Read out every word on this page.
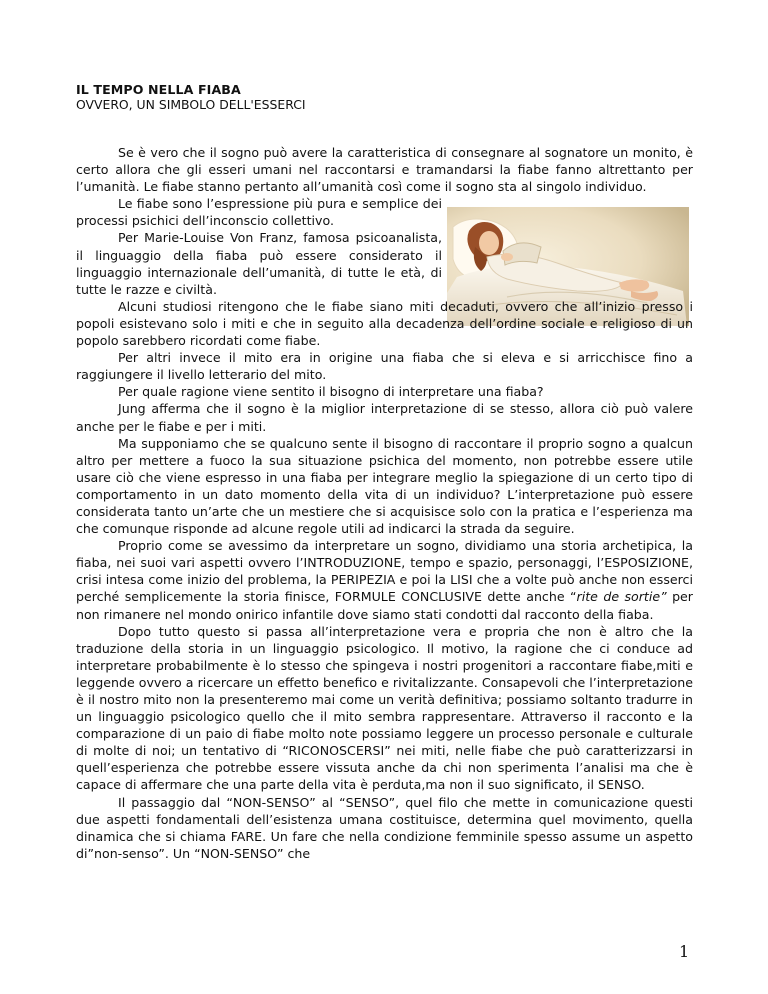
IL TEMPO NELLA FIABA
OVVERO, UN SIMBOLO DELL'ESSERCI

Se è vero che il sogno può avere la caratteristica di consegnare al sognatore un monito, è certo allora che gli esseri umani nel raccontarsi e tramandarsi la fiabe fanno altrettanto per l’umanità. Le fiabe stanno pertanto all’umanità così come il sogno sta al singolo individuo.

Le fiabe sono l’espressione più pura e semplice dei processi psichici dell’inconscio collettivo.

Per Marie-Louise Von Franz, famosa psicoanalista, il linguaggio della fiaba può essere considerato il linguaggio internazionale dell’umanità, di tutte le età, di tutte le razze e civiltà.

Alcuni studiosi ritengono che le fiabe siano miti decaduti, ovvero che all’inizio presso i popoli esistevano solo i miti e che in seguito alla decadenza dell’ordine sociale e religioso di un popolo sarebbero ricordati come fiabe.

Per altri invece il mito era in origine una fiaba che si eleva e si arricchisce fino a raggiungere il livello letterario del mito.

Per quale ragione viene sentito il bisogno di interpretare una fiaba?

Jung afferma che il sogno è la miglior interpretazione di se stesso, allora ciò può valere anche per le fiabe e per i miti.

Ma supponiamo che se qualcuno sente il bisogno di raccontare il proprio sogno a qualcun altro per mettere a fuoco la sua situazione psichica del momento, non potrebbe essere utile usare ciò che viene espresso in una fiaba per integrare meglio la spiegazione di un certo tipo di comportamento in un dato momento della vita di un individuo? L’interpretazione può essere considerata tanto un’arte che un mestiere che si acquisisce solo con la pratica e l’esperienza ma che comunque risponde ad alcune regole utili ad indicarci la strada da seguire.

Proprio come se avessimo da interpretare un sogno, dividiamo una storia archetipica, la fiaba, nei suoi vari aspetti ovvero l’INTRODUZIONE, tempo e spazio, personaggi, l’ESPOSIZIONE, crisi intesa come inizio del problema, la PERIPEZIA e poi la LISI che a volte può anche non esserci perché semplicemente la storia finisce, FORMULE CONCLUSIVE dette anche “rite de sortie” per non rimanere nel mondo onirico infantile dove siamo stati condotti dal racconto della fiaba.

Dopo tutto questo si passa all’interpretazione vera e propria che non è altro che la traduzione della storia in un linguaggio psicologico. Il motivo, la ragione che ci conduce ad interpretare probabilmente è lo stesso che spingeva i nostri progenitori a raccontare fiabe,miti e leggende ovvero a ricercare un effetto benefico e rivitalizzante. Consapevoli che l’interpretazione è il nostro mito non la presenteremo mai come un verità definitiva; possiamo soltanto tradurre in un linguaggio psicologico quello che il mito sembra rappresentare. Attraverso il racconto e la comparazione di un paio di fiabe molto note possiamo leggere un processo personale e culturale di molte di noi; un tentativo di “RICONOSCERSI” nei miti, nelle fiabe che può caratterizzarsi in quell’esperienza che potrebbe essere vissuta anche da chi non sperimenta l’analisi ma che è capace di affermare che una parte della vita è perduta,ma non il suo significato, il SENSO.

Il passaggio dal “NON-SENSO” al “SENSO”, quel filo che mette in comunicazione questi due aspetti fondamentali dell’esistenza umana costituisce, determina quel movimento, quella dinamica che si chiama FARE. Un fare che nella condizione femminile spesso assume un aspetto di”non-senso”. Un “NON-SENSO” che

1
